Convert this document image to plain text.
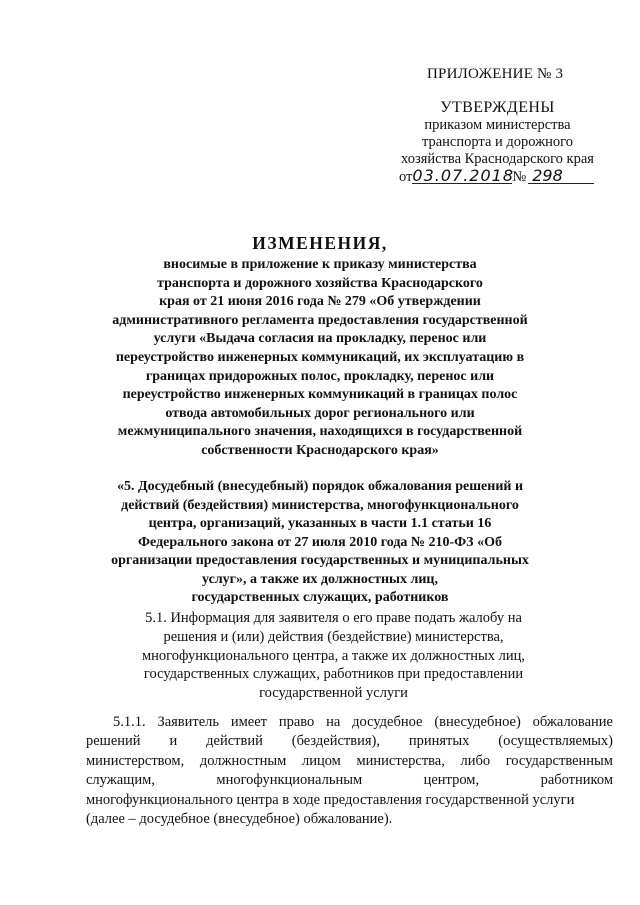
ПРИЛОЖЕНИЕ № 3
УТВЕРЖДЕНЫ
приказом министерства
транспорта и дорожного
хозяйства Краснодарского края
от03.07.2018№ 298
ИЗМЕНЕНИЯ,
вносимые в приложение к приказу министерства
транспорта и дорожного хозяйства Краснодарского
края от 21 июня 2016 года № 279 «Об утверждении
административного регламента предоставления государственной
услуги «Выдача согласия на прокладку, перенос или
переустройство инженерных коммуникаций, их эксплуатацию в
границах придорожных полос, прокладку, перенос или
переустройство инженерных коммуникаций в границах полос
отвода автомобильных дорог регионального или
межмуниципального значения, находящихся в государственной
собственности Краснодарского края»
«5. Досудебный (внесудебный) порядок обжалования решений и
действий (бездействия) министерства, многофункционального
центра, организаций, указанных в части 1.1 статьи 16
Федерального закона от 27 июля 2010 года № 210-ФЗ «Об
организации предоставления государственных и муниципальных
услуг», а также их должностных лиц,
государственных служащих, работников
5.1. Информация для заявителя о его праве подать жалобу на
решения и (или) действия (бездействие) министерства,
многофункционального центра, а также их должностных лиц,
государственных служащих, работников при предоставлении
государственной услуги
5.1.1. Заявитель имеет право на досудебное (внесудебное) обжалование
решений и действий (бездействия), принятых (осуществляемых)
министерством, должностным лицом министерства, либо государственным
служащим,	многофункциональным	центром,	работником
многофункционального центра в ходе предоставления государственной услуги
(далее – досудебное (внесудебное) обжалование).
